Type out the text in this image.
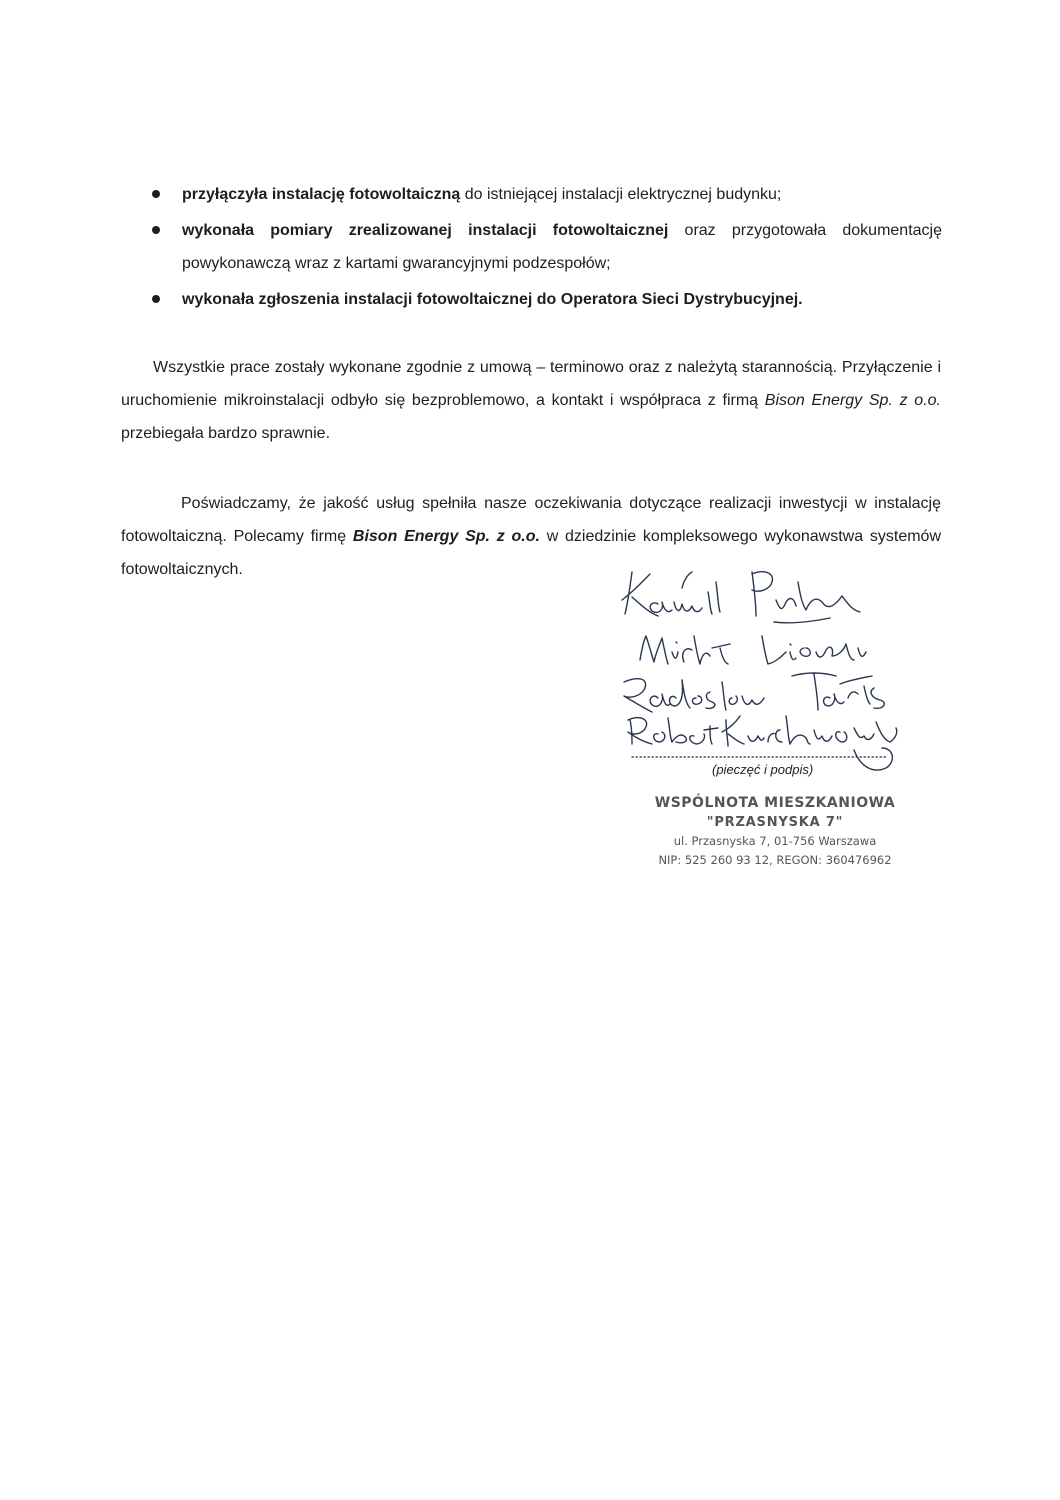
przyłączyła instalację fotowoltaiczną do istniejącej instalacji elektrycznej budynku;
wykonała pomiary zrealizowanej instalacji fotowoltaicznej oraz przygotowała dokumentację powykonawczą wraz z kartami gwarancyjnymi podzespołów;
wykonała zgłoszenia instalacji fotowoltaicznej do Operatora Sieci Dystrybucyjnej.

Wszystkie prace zostały wykonane zgodnie z umową – terminowo oraz z należytą starannością. Przyłączenie i uruchomienie mikroinstalacji odbyło się bezproblemowo, a kontakt i współpraca z firmą Bison Energy Sp. z o.o. przebiegała bardzo sprawnie.

Poświadczamy, że jakość usług spełniła nasze oczekiwania dotyczące realizacji inwestycji w instalację fotowoltaiczną. Polecamy firmę Bison Energy Sp. z o.o. w dziedzinie kompleksowego wykonawstwa systemów fotowoltaicznych.

(pieczęć i podpis)
WSPÓLNOTA MIESZKANIOWA
"PRZASNYSKA 7"
ul. Przasnyska 7, 01-756 Warszawa
NIP: 525 260 93 12, REGON: 360476962
